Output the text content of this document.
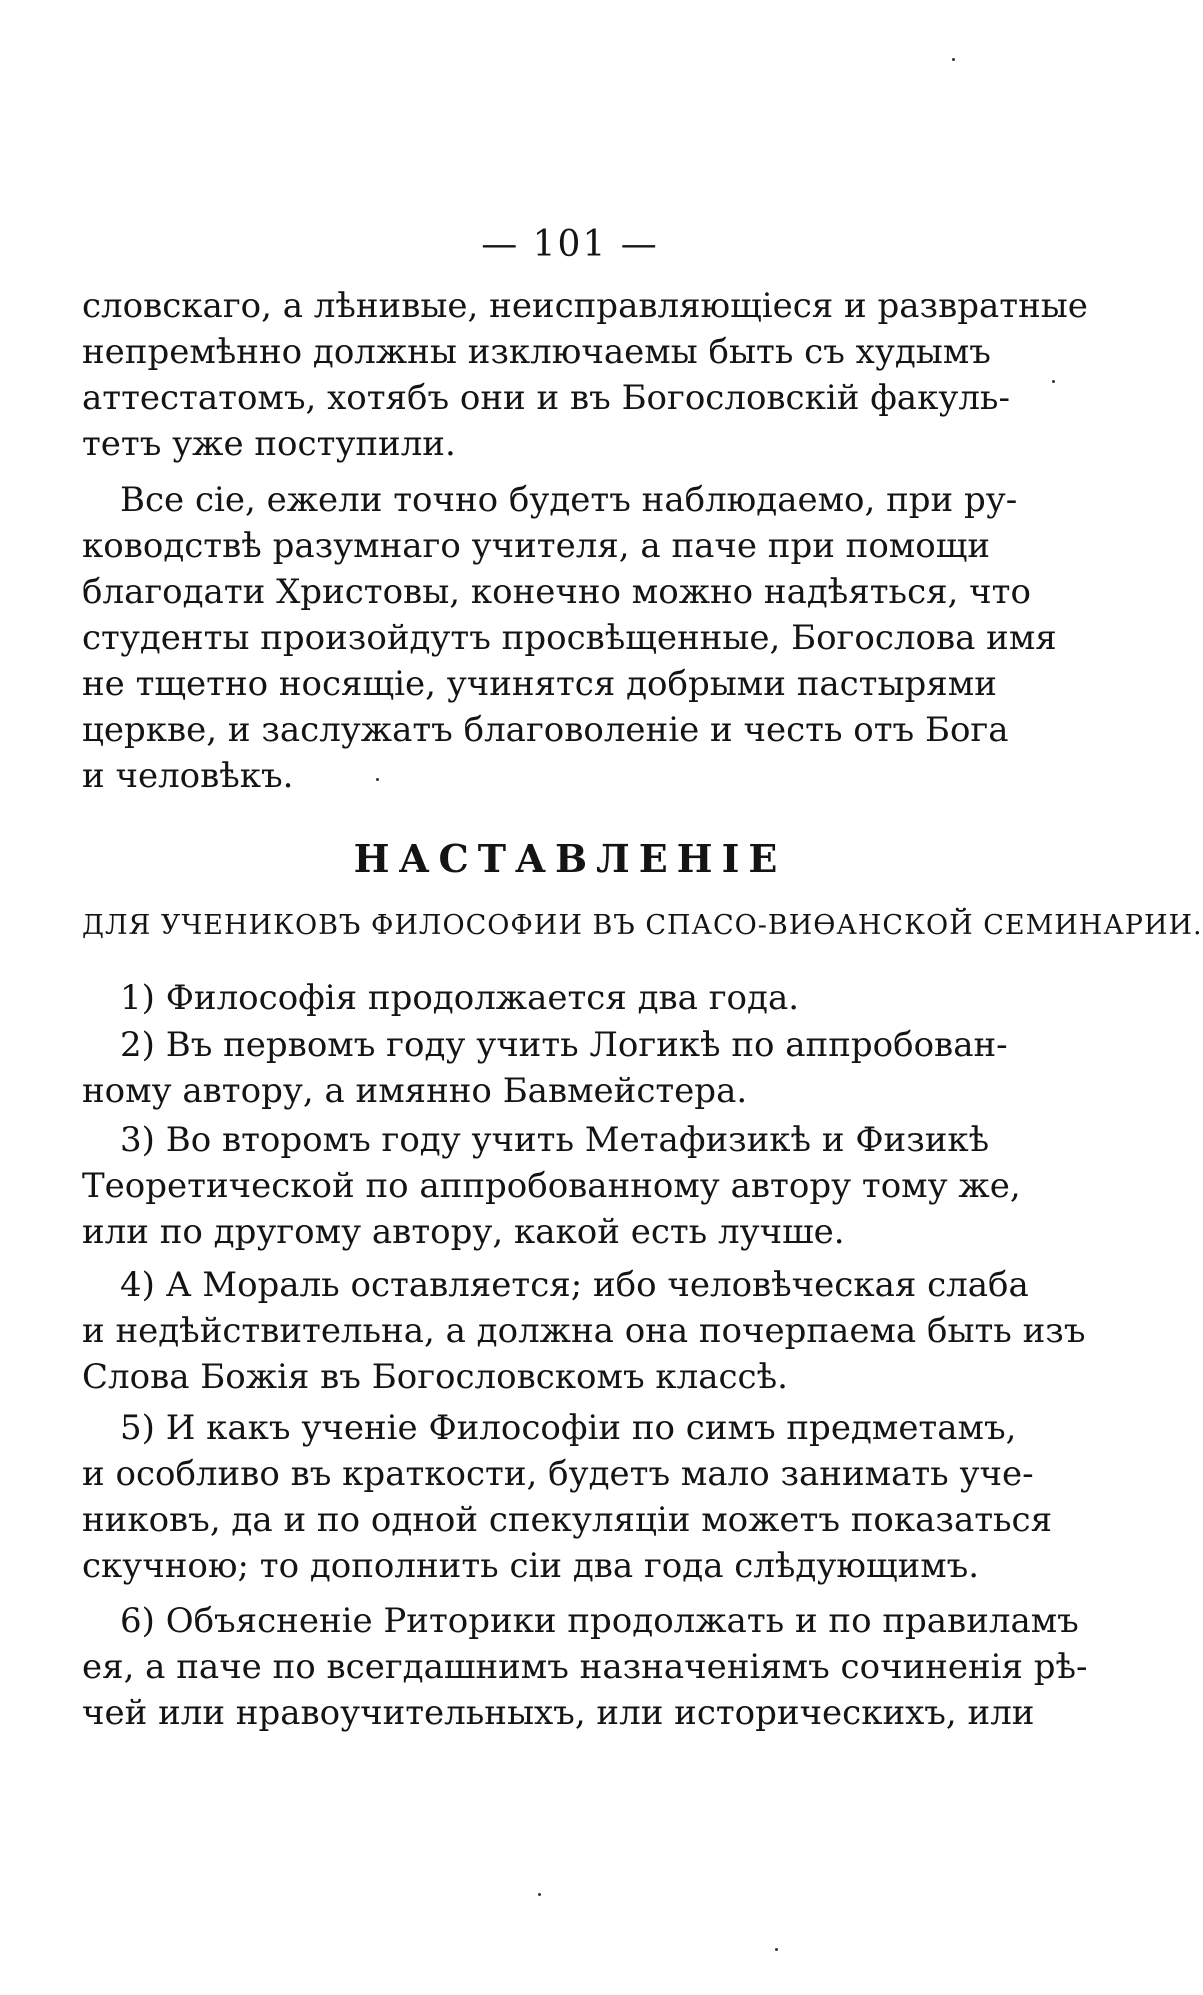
— 101 —
словскаго, а лѣнивые, неисправляющіеся и развратные
непремѣнно должны изключаемы быть съ худымъ
аттестатомъ, хотябъ они и въ Богословскій факуль-
тетъ уже поступили.
Все сіе, ежели точно будетъ наблюдаемо, при ру-
ководствѣ разумнаго учителя, а паче при помощи
благодати Христовы, конечно можно надѣяться, что
студенты произойдутъ просвѣщенные, Богослова имя
не тщетно носящіе, учинятся добрыми пастырями
церкве, и заслужатъ благоволеніе и честь отъ Бога
и человѣкъ.
НАСТАВЛЕНІЕ
ДЛЯ УЧЕНИКОВЪ ФИЛОСОФИИ ВЪ СПАСО-ВИѲАНСКОЙ СЕМИНАРИИ.
1) Философія продолжается два года.
2) Въ первомъ году учить Логикѣ по аппробован-
ному автору, а имянно Бавмейстера.
3) Во второмъ году учить Метафизикѣ и Физикѣ
Теоретической по аппробованному автору тому же,
или по другому автору, какой есть лучше.
4) А Мораль оставляется; ибо человѣческая слаба
и недѣйствительна, а должна она почерпаема быть изъ
Слова Божія въ Богословскомъ классѣ.
5) И какъ ученіе Философіи по симъ предметамъ,
и особливо въ краткости, будетъ мало занимать уче-
никовъ, да и по одной спекуляціи можетъ показаться
скучною; то дополнить сіи два года слѣдующимъ.
6) Объясненіе Риторики продолжать и по правиламъ
ея, а паче по всегдашнимъ назначеніямъ сочиненія рѣ-
чей или нравоучительныхъ, или историческихъ, или
